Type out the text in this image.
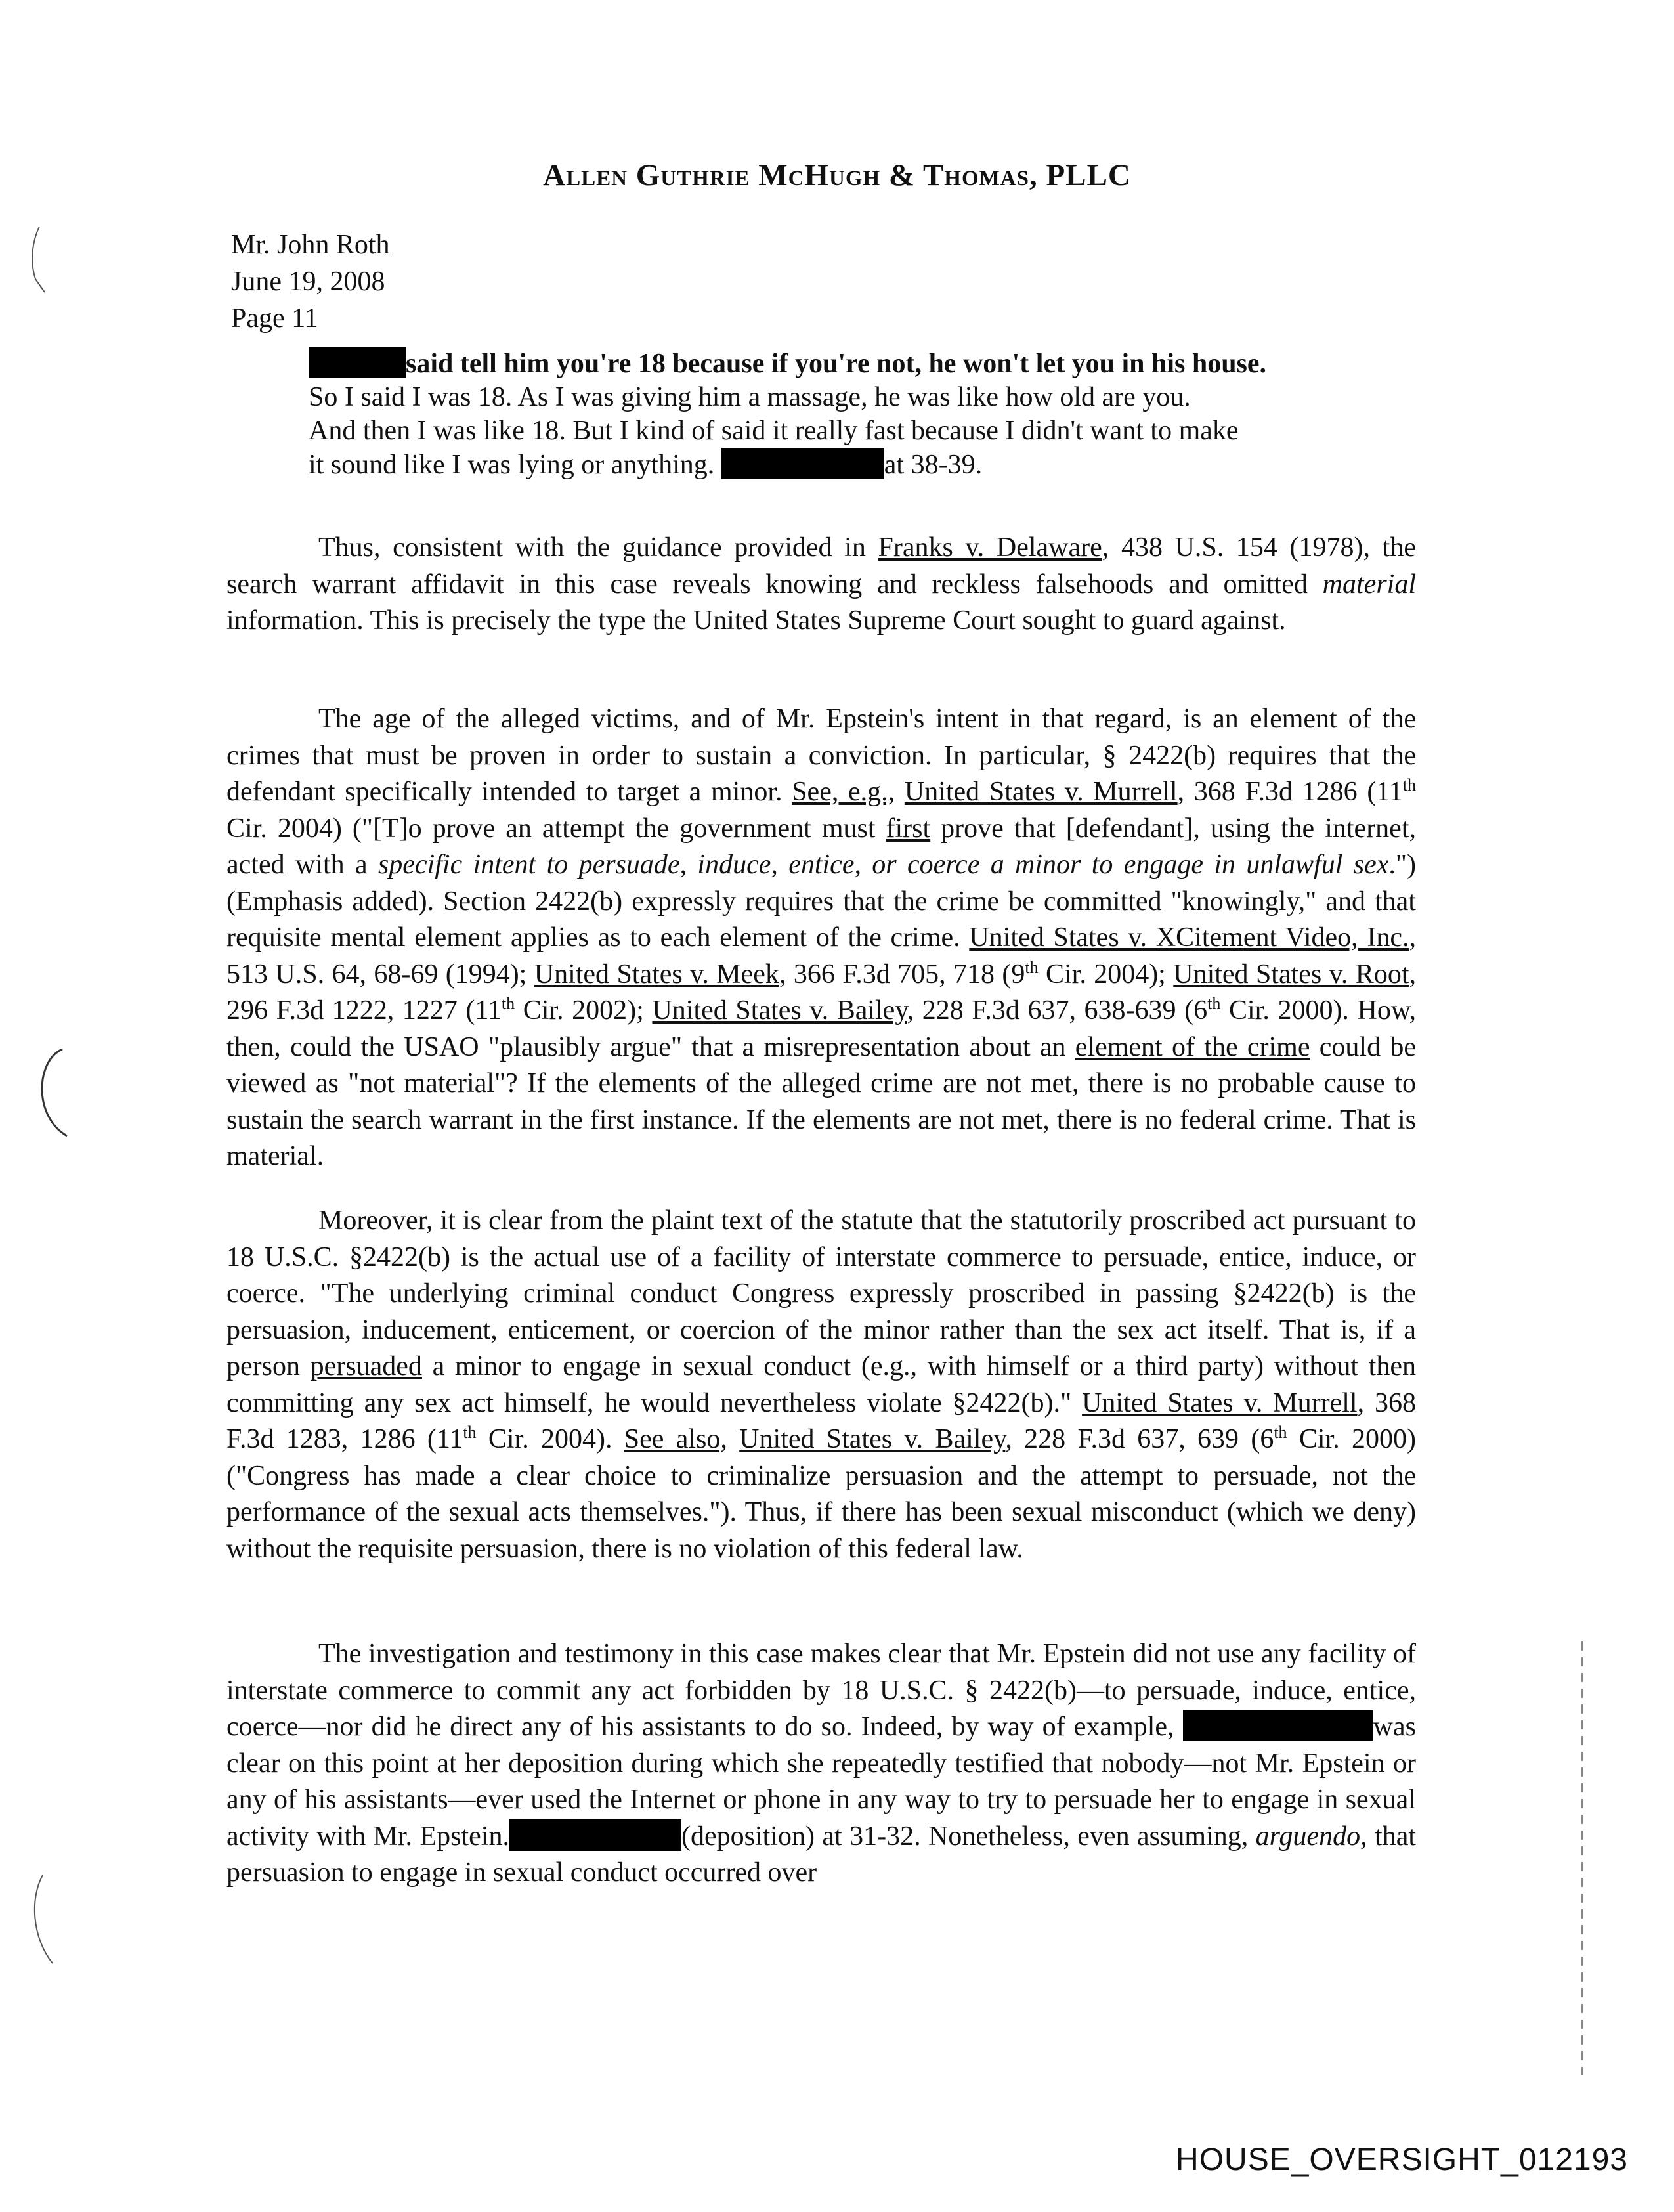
Allen Guthrie McHugh & Thomas, PLLC
Mr. John Roth
June 19, 2008
Page 11
said tell him you're 18 because if you're not, he won't let you in his house.
So I said I was 18. As I was giving him a massage, he was like how old are you.
And then I was like 18. But I kind of said it really fast because I didn't want to make
it sound like I was lying or anything.	at 38-39.

Thus, consistent with the guidance provided in Franks v. Delaware, 438 U.S. 154 (1978), the search warrant affidavit in this case reveals knowing and reckless falsehoods and omitted material information. This is precisely the type the United States Supreme Court sought to guard against.

The age of the alleged victims, and of Mr. Epstein's intent in that regard, is an element of the crimes that must be proven in order to sustain a conviction. In particular, § 2422(b) requires that the defendant specifically intended to target a minor. See, e.g., United States v. Murrell, 368 F.3d 1286 (11th Cir. 2004) ("[T]o prove an attempt the government must first prove that [defendant], using the internet, acted with a specific intent to persuade, induce, entice, or coerce a minor to engage in unlawful sex.") (Emphasis added). Section 2422(b) expressly requires that the crime be committed "knowingly," and that requisite mental element applies as to each element of the crime. United States v. XCitement Video, Inc., 513 U.S. 64, 68-69 (1994); United States v. Meek, 366 F.3d 705, 718 (9th Cir. 2004); United States v. Root, 296 F.3d 1222, 1227 (11th Cir. 2002); United States v. Bailey, 228 F.3d 637, 638-639 (6th Cir. 2000). How, then, could the USAO "plausibly argue" that a misrepresentation about an element of the crime could be viewed as "not material"? If the elements of the alleged crime are not met, there is no probable cause to sustain the search warrant in the first instance. If the elements are not met, there is no federal crime. That is material.

Moreover, it is clear from the plaint text of the statute that the statutorily proscribed act pursuant to 18 U.S.C. §2422(b) is the actual use of a facility of interstate commerce to persuade, entice, induce, or coerce. "The underlying criminal conduct Congress expressly proscribed in passing §2422(b) is the persuasion, inducement, enticement, or coercion of the minor rather than the sex act itself. That is, if a person persuaded a minor to engage in sexual conduct (e.g., with himself or a third party) without then committing any sex act himself, he would nevertheless violate §2422(b)." United States v. Murrell, 368 F.3d 1283, 1286 (11th Cir. 2004). See also, United States v. Bailey, 228 F.3d 637, 639 (6th Cir. 2000) ("Congress has made a clear choice to criminalize persuasion and the attempt to persuade, not the performance of the sexual acts themselves."). Thus, if there has been sexual misconduct (which we deny) without the requisite persuasion, there is no violation of this federal law.

The investigation and testimony in this case makes clear that Mr. Epstein did not use any facility of interstate commerce to commit any act forbidden by 18 U.S.C. § 2422(b)—to persuade, induce, entice, coerce—nor did he direct any of his assistants to do so. Indeed, by way of example,	was clear on this point at her deposition during which she repeatedly testified that nobody—not Mr. Epstein or any of his assistants—ever used the Internet or phone in any way to try to persuade her to engage in sexual activity with Mr. Epstein.	(deposition) at 31-32. Nonetheless, even assuming, arguendo, that persuasion to engage in sexual conduct occurred over

HOUSE_OVERSIGHT_012193
